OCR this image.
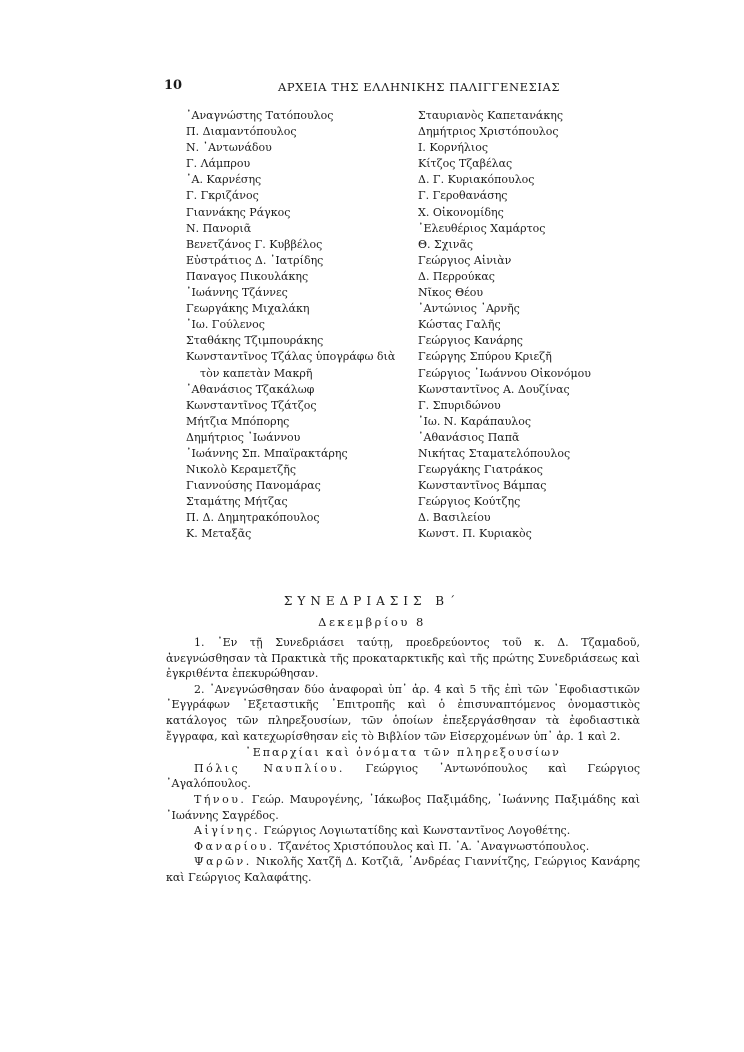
10	ΑΡΧΕΙΑ ΤΗΣ ΕΛΛΗΝΙΚΗΣ ΠΑΛΙΓΓΕΝΕΣΙΑΣ
᾿Αναγνώστης Τατόπουλος
Π. Διαμαντόπουλος
Ν. ᾿Αντωνάδου
Γ. Λάμπρου
᾿Α. Καρνέσης
Γ. Γκριζάνος
Γιαννάκης Ράγκος
Ν. Πανοριᾶ
Βενετζάνος Γ. Κυββέλος
Εὐστράτιος Δ. ᾿Ιατρίδης
Παναγος Πικουλάκης
᾿Ιωάννης Τζάννες
Γεωργάκης Μιχαλάκη
᾿Ιω. Γούλενος
Σταθάκης Τζιμπουράκης
Κωνσταντῖνος Τζάλας ὑπογράφω διὰ
τὸν καπετὰν Μακρῆ
᾿Αθανάσιος Τζακάλωφ
Κωνσταντῖνος Τζάτζος
Μήτζια Μπόπορης
Δημήτριος ᾿Ιωάννου
᾿Ιωάννης Σπ. Μπαϊρακτάρης
Νικολὸ Κεραμετζῆς
Γιαννούσης Πανομάρας
Σταμάτης Μήτζας
Π. Δ. Δημητρακόπουλος
Κ. Μεταξᾶς
Σταυριανὸς Καπετανάκης
Δημήτριος Χριστόπουλος
Ι. Κορνήλιος
Κίτζος Τζαβέλας
Δ. Γ. Κυριακόπουλος
Γ. Γεροθανάσης
Χ. Οἰκονομίδης
᾿Ελευθέριος Χαμάρτος
Θ. Σχινᾶς
Γεώργιος Αἰνιὰν
Δ. Περρούκας
Νῖκος Θέου
᾿Αντώνιος ᾿Αρνῆς
Κώστας Γαλῆς
Γεώργιος Κανάρης
Γεώργης Σπύρου Κριεζῆ
Γεώργιος ᾿Ιωάννου Οἰκονόμου
Κωνσταντῖνος Α. Δουζίνας
Γ. Σπυριδώνου
᾿Ιω. Ν. Καράπαυλος
᾿Αθανάσιος Παπᾶ
Νικήτας Σταματελόπουλος
Γεωργάκης Γιατράκος
Κωνσταντῖνος Βάμπας
Γεώργιος Κούτζης
Δ. Βασιλείου
Κωνστ. Π. Κυριακὸς
ΣΥΝΕΔΡΙΑΣΙΣ Β΄
Δεκεμβρίου 8

1. ᾿Εν τῇ Συνεδριάσει ταύτῃ, προεδρεύοντος τοῦ κ. Δ. Τζαμαδοῦ, ἀνεγνώσθησαν τὰ Πρακτικὰ τῆς προκαταρκτικῆς καὶ τῆς πρώτης Συνεδριάσεως καὶ ἐγκριθέντα ἐπεκυρώθησαν.

2. ᾿Ανεγνώσθησαν δύο ἀναφοραὶ ὑπ᾿ ἀρ. 4 καὶ 5 τῆς ἐπὶ τῶν ᾿Εφοδιαστικῶν ᾿Εγγράφων ᾿Εξεταστικῆς ᾿Επιτροπῆς καὶ ὁ ἐπισυναπτόμενος ὀνομαστικὸς κατάλογος τῶν πληρεξουσίων, τῶν ὁποίων ἐπεξεργάσθησαν τὰ ἐφοδιαστικὰ ἔγγραφα, καὶ κατεχωρίσθησαν εἰς τὸ Βιβλίον τῶν Εἰσερχομένων ὑπ᾿ ἀρ. 1 καὶ 2.

᾿Επαρχίαι καὶ ὀνόματα τῶν πληρεξουσίων

Πόλις Ναυπλίου. Γεώργιος ᾿Αντωνόπουλος καὶ Γεώργιος ᾿Αγαλόπουλος.

Τήνου. Γεώρ. Μαυρογένης, ᾿Ιάκωβος Παξιμάδης, ᾿Ιωάννης Παξιμάδης καὶ ᾿Ιωάννης Σαγρέδος.

Αἰγίνης. Γεώργιος Λογιωτατίδης καὶ Κωνσταντῖνος Λογοθέτης.

Φαναρίου. Τζανέτος Χριστόπουλος καὶ Π. ᾿Α. ᾿Αναγνωστόπουλος.

Ψαρῶν. Νικολῆς Χατζῆ Δ. Κοτζιᾶ, ᾿Ανδρέας Γιαννίτζης, Γεώργιος Κανάρης καὶ Γεώργιος Καλαφάτης.
